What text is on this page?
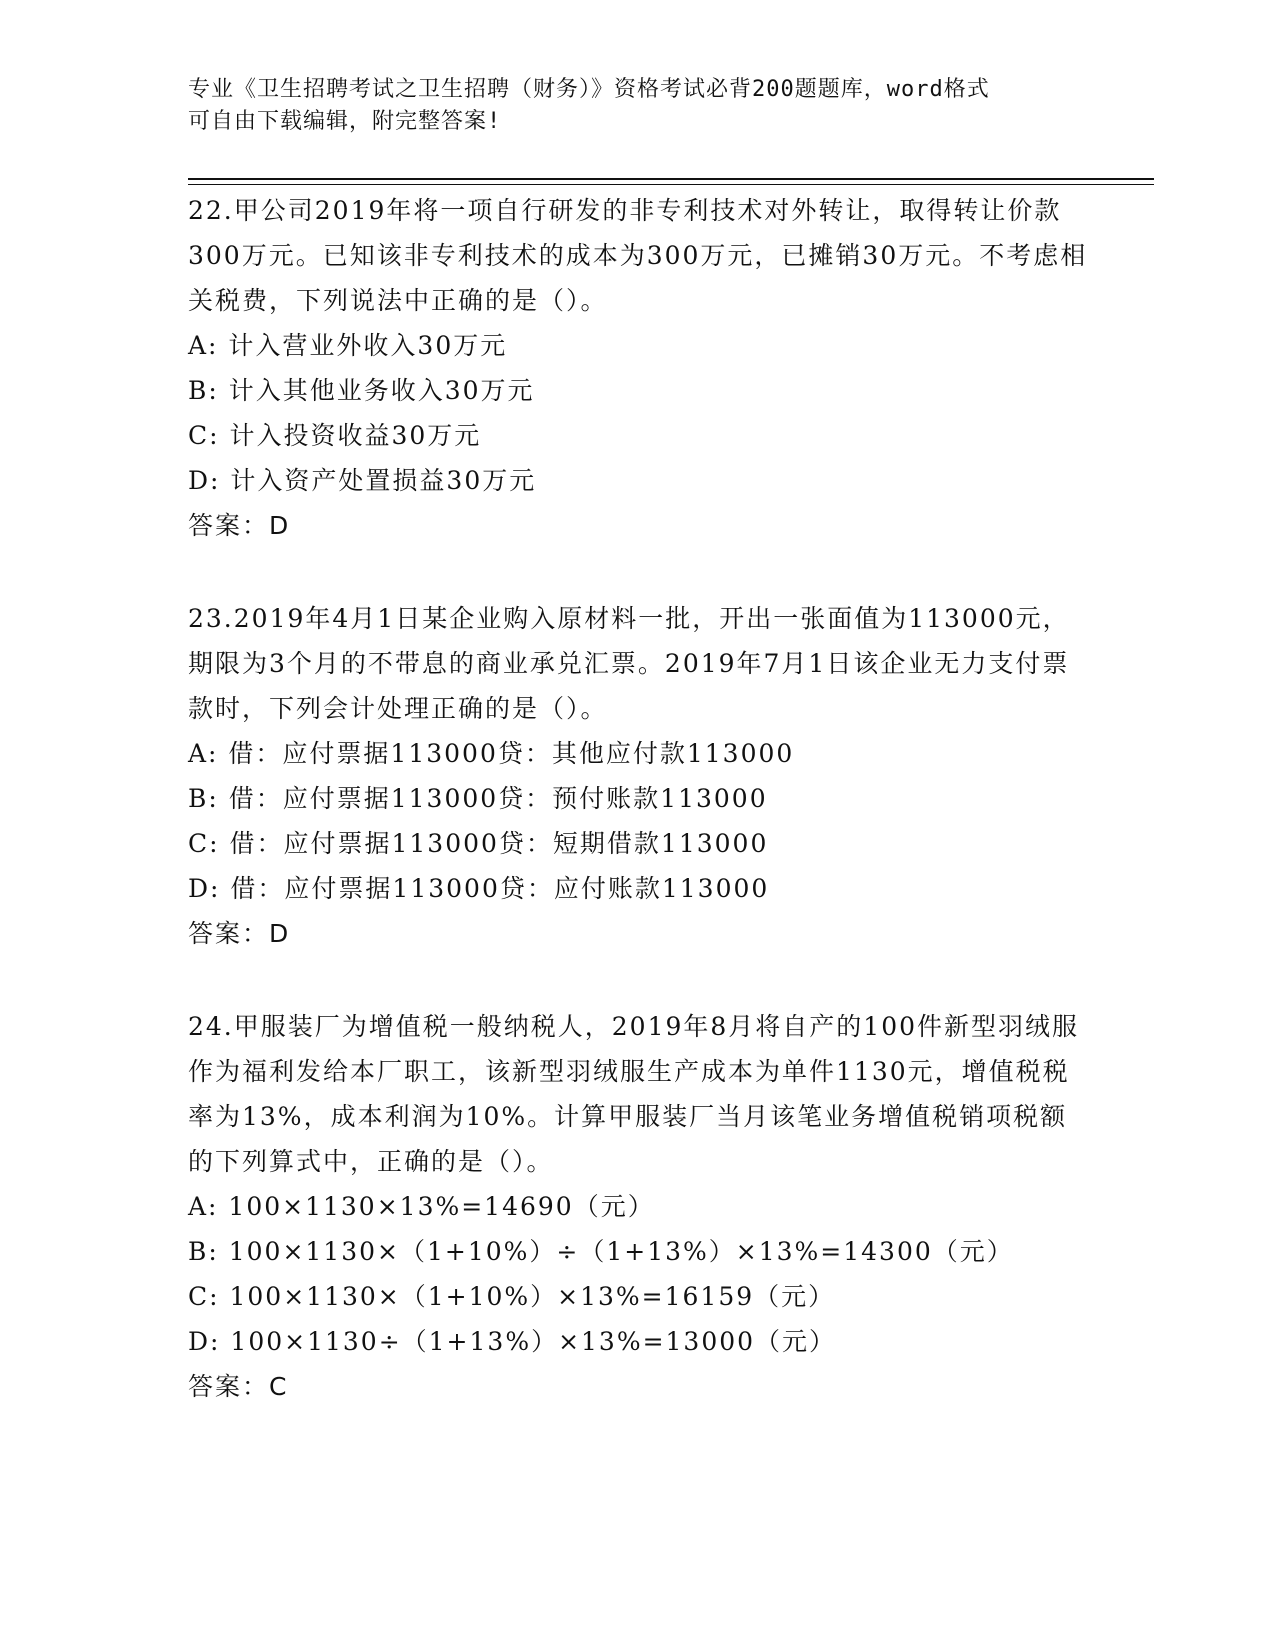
专业《卫生招聘考试之卫生招聘（财务）》资格考试必背200题题库，word格式
可自由下载编辑，附完整答案!

22.甲公司2019年将一项自行研发的非专利技术对外转让，取得转让价款300万元。已知该非专利技术的成本为300万元，已摊销30万元。不考虑相关税费，下列说法中正确的是（）。

A: 计入营业外收入30万元

B: 计入其他业务收入30万元

C: 计入投资收益30万元

D: 计入资产处置损益30万元

答案：D

23.2019年4月1日某企业购入原材料一批，开出一张面值为113000元，期限为3个月的不带息的商业承兑汇票。2019年7月1日该企业无力支付票款时，下列会计处理正确的是（）。

A: 借：应付票据113000贷：其他应付款113000

B: 借：应付票据113000贷：预付账款113000

C: 借：应付票据113000贷：短期借款113000

D: 借：应付票据113000贷：应付账款113000

答案：D

24.甲服装厂为增值税一般纳税人，2019年8月将自产的100件新型羽绒服作为福利发给本厂职工，该新型羽绒服生产成本为单件1130元，增值税税率为13%，成本利润为10%。计算甲服装厂当月该笔业务增值税销项税额的下列算式中，正确的是（）。

A: 100×1130×13%=14690（元）

B: 100×1130×（1+10%）÷（1+13%）×13%=14300（元）

C: 100×1130×（1+10%）×13%=16159（元）

D: 100×1130÷（1+13%）×13%=13000（元）

答案：C
